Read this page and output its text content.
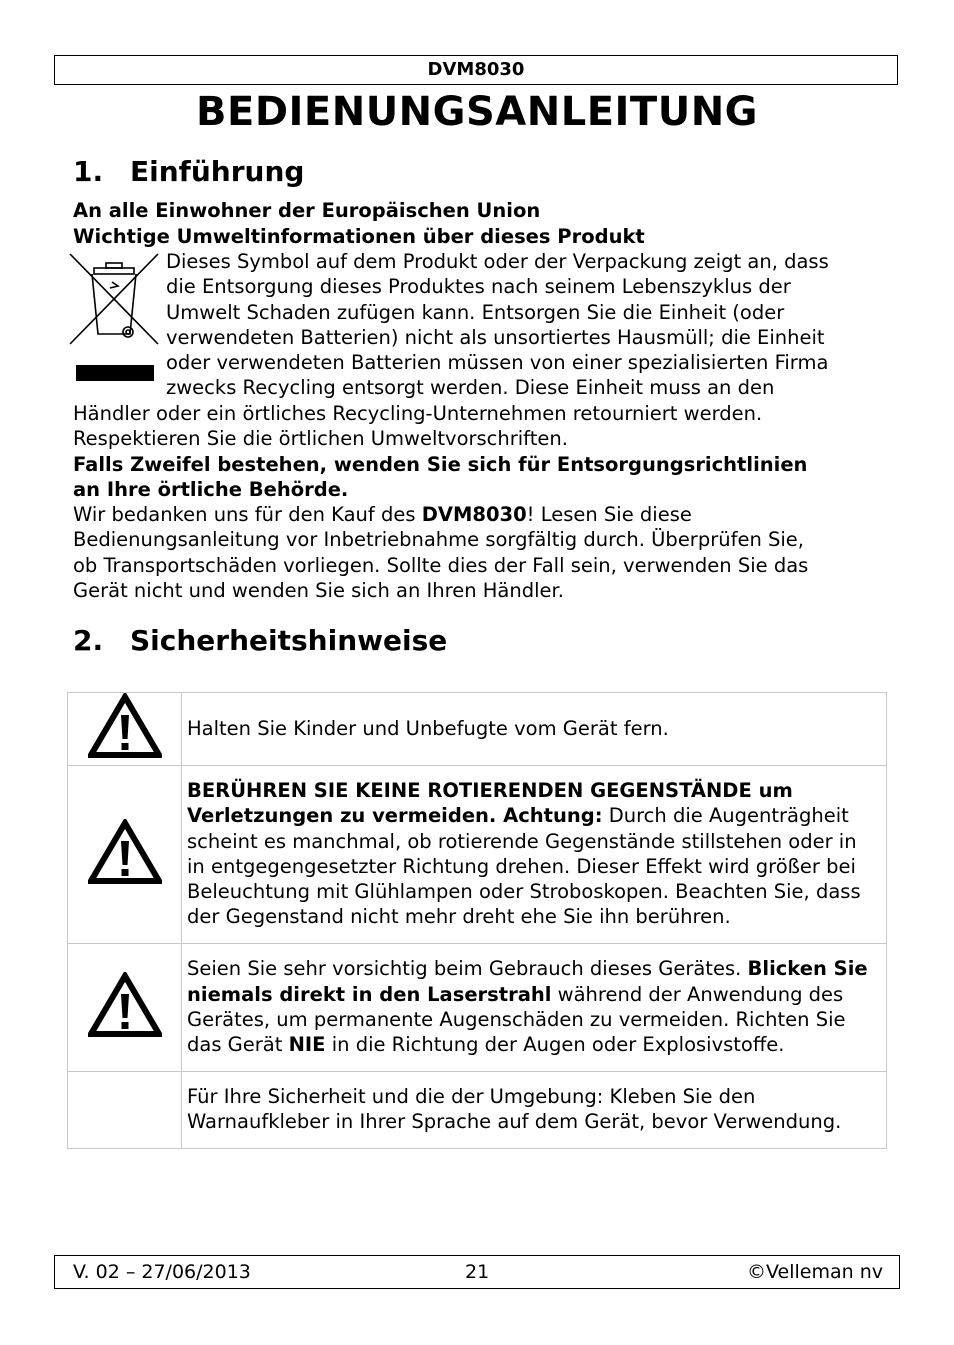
DVM8030
BEDIENUNGSANLEITUNG
1. Einführung
An alle Einwohner der Europäischen Union
Wichtige Umweltinformationen über dieses Produkt
Dieses Symbol auf dem Produkt oder der Verpackung zeigt an, dass
die Entsorgung dieses Produktes nach seinem Lebenszyklus der
Umwelt Schaden zufügen kann. Entsorgen Sie die Einheit (oder
verwendeten Batterien) nicht als unsortiertes Hausmüll; die Einheit
oder verwendeten Batterien müssen von einer spezialisierten Firma
zwecks Recycling entsorgt werden. Diese Einheit muss an den
Händler oder ein örtliches Recycling-Unternehmen retourniert werden.
Respektieren Sie die örtlichen Umweltvorschriften.
Falls Zweifel bestehen, wenden Sie sich für Entsorgungsrichtlinien
an Ihre örtliche Behörde.
Wir bedanken uns für den Kauf des DVM8030! Lesen Sie diese
Bedienungsanleitung vor Inbetriebnahme sorgfältig durch. Überprüfen Sie,
ob Transportschäden vorliegen. Sollte dies der Fall sein, verwenden Sie das
Gerät nicht und wenden Sie sich an Ihren Händler.
2. Sicherheitshinweise
	Halten Sie Kinder und Unbefugte vom Gerät fern.
	BERÜHREN SIE KEINE ROTIERENDEN GEGENSTÄNDE um Verletzungen zu vermeiden. Achtung: Durch die Augenträgheit scheint es manchmal, ob rotierende Gegenstände stillstehen oder in in entgegengesetzter Richtung drehen. Dieser Effekt wird größer bei Beleuchtung mit Glühlampen oder Stroboskopen. Beachten Sie, dass der Gegenstand nicht mehr dreht ehe Sie ihn berühren.
	Seien Sie sehr vorsichtig beim Gebrauch dieses Gerätes. Blicken Sie niemals direkt in den Laserstrahl während der Anwendung des Gerätes, um permanente Augenschäden zu vermeiden. Richten Sie das Gerät NIE in die Richtung der Augen oder Explosivstoffe.
	Für Ihre Sicherheit und die der Umgebung: Kleben Sie den Warnaufkleber in Ihrer Sprache auf dem Gerät, bevor Verwendung.
V. 02 – 27/06/2013	21	©Velleman nv
